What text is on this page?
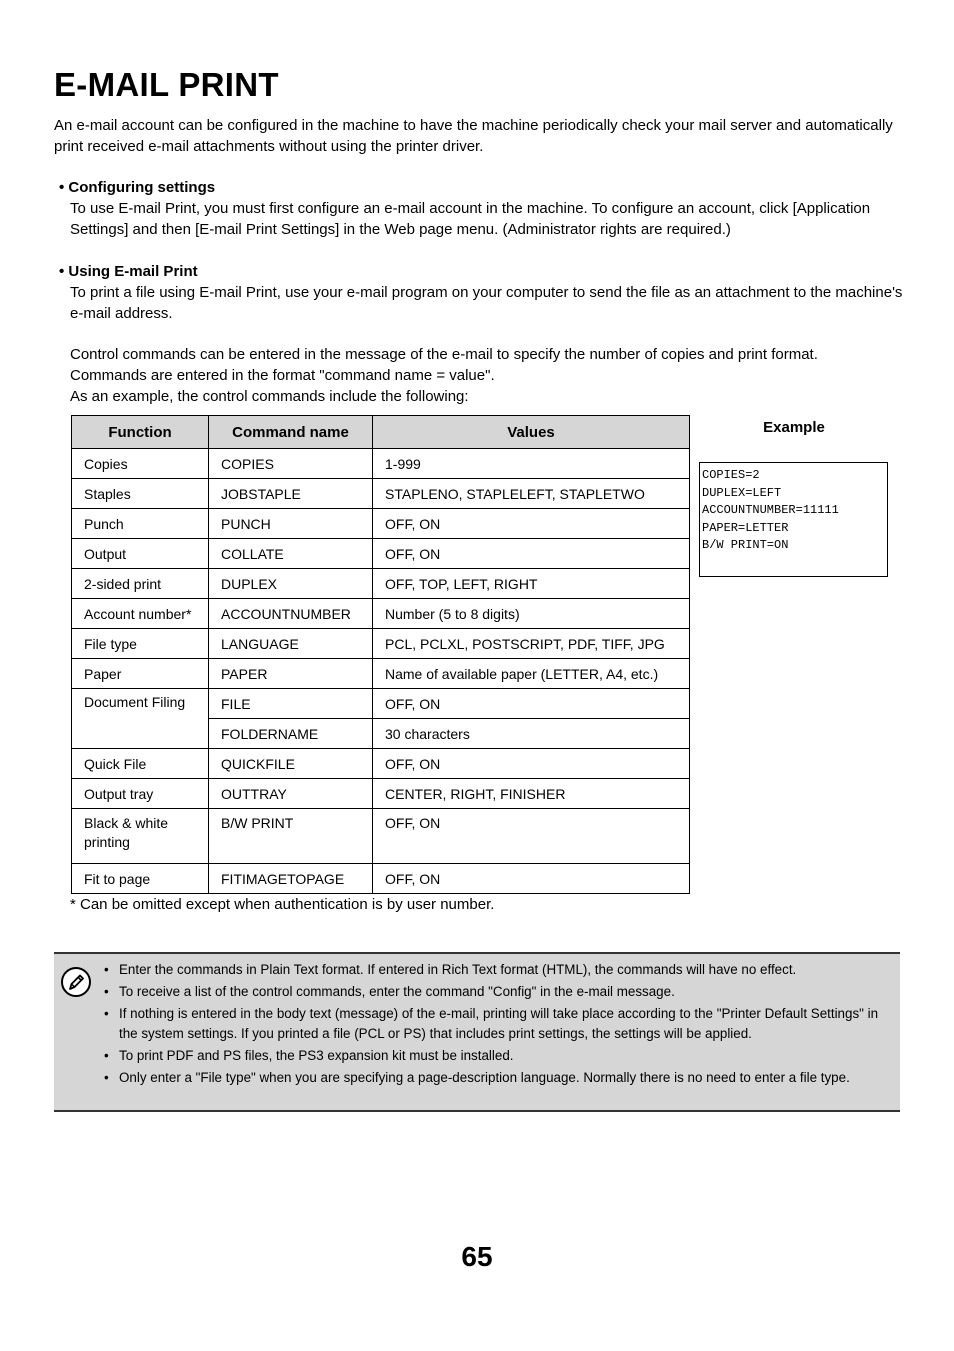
E-MAIL PRINT

An e-mail account can be configured in the machine to have the machine periodically check your mail server and automatically print received e-mail attachments without using the printer driver.

• Configuring settings

To use E-mail Print, you must first configure an e-mail account in the machine. To configure an account, click [Application Settings] and then [E-mail Print Settings] in the Web page menu. (Administrator rights are required.)

• Using E-mail Print

To print a file using E-mail Print, use your e-mail program on your computer to send the file as an attachment to the machine's e-mail address.

Control commands can be entered in the message of the e-mail to specify the number of copies and print format.
Commands are entered in the format "command name = value".
As an example, the control commands include the following:
Function	Command name	Values
Copies	COPIES	1-999
Staples	JOBSTAPLE	STAPLENO, STAPLELEFT, STAPLETWO
Punch	PUNCH	OFF, ON
Output	COLLATE	OFF, ON
2-sided print	DUPLEX	OFF, TOP, LEFT, RIGHT
Account number*	ACCOUNTNUMBER	Number (5 to 8 digits)
File type	LANGUAGE	PCL, PCLXL, POSTSCRIPT, PDF, TIFF, JPG
Paper	PAPER	Name of available paper (LETTER, A4, etc.)
Document Filing	FILE	OFF, ON
	FOLDERNAME	30 characters
Quick File	QUICKFILE	OFF, ON
Output tray	OUTTRAY	CENTER, RIGHT, FINISHER
Black & white printing	B/W PRINT	OFF, ON
Fit to page	FITIMAGETOPAGE	OFF, ON
Example
COPIES=2
DUPLEX=LEFT
ACCOUNTNUMBER=11111
PAPER=LETTER
B/W PRINT=ON
* Can be omitted except when authentication is by user number.
• Enter the commands in Plain Text format. If entered in Rich Text format (HTML), the commands will have no effect.
• To receive a list of the control commands, enter the command "Config" in the e-mail message.
• If nothing is entered in the body text (message) of the e-mail, printing will take place according to the "Printer Default Settings" in the system settings. If you printed a file (PCL or PS) that includes print settings, the settings will be applied.
• To print PDF and PS files, the PS3 expansion kit must be installed.
• Only enter a "File type" when you are specifying a page-description language. Normally there is no need to enter a file type.
65
